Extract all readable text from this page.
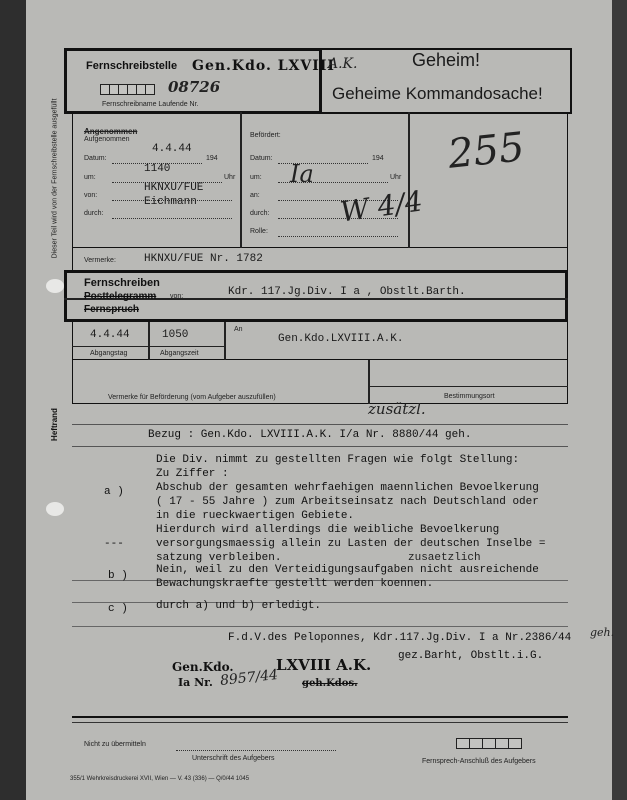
Dieser Teil wird von der Fernschreibstelle ausgefüllt
Heftrand
Fernschreibstelle Gen.Kdo. LXVIII
A.K.	Geheim!
Geheime Kommandosache!
08726
Fernschreibname Laufende Nr.
Angenommen
Aufgenommen
Datum:
4.4.44
194
um:
1140
Uhr
von:
HKNXU/FUE
durch:
Eichmann
Befördert:
Datum:	194
um:	Uhr
an:
durch:
Rolle:
Ia
W 4/4
255
Vermerke:	HKNXU/FUE Nr. 1782
Fernschreiben
Posttelegramm
Fernspruch
von:	Kdr. 117.Jg.Div. I a , Obstlt.Barth.
4.4.44	1050
Abgangstag	Abgangszeit
An
Gen.Kdo.LXVIII.A.K.
Vermerke für Beförderung (vom Aufgeber auszufüllen)	Bestimmungsort
zusätzl.
Bezug : Gen.Kdo. LXVIII.A.K. I/a Nr. 8880/44 geh.
Die Div. nimmt zu gestellten Fragen wie folgt Stellung:
Zu Ziffer :
a )	Abschub der gesamten wehrfaehigen maennlichen Bevoelkerung
( 17 - 55 Jahre ) zum Arbeitseinsatz nach Deutschland oder
in die rueckwaertigen Gebiete.
Hierdurch wird allerdings die weibliche Bevoelkerung
---	versorgungsmaessig allein zu Lasten der deutschen Inselbe =
satzung verbleiben.	zusaetzlich
b )	Nein, weil zu den Verteidigungsaufgaben nicht ausreichende
Bewachungskraefte gestellt werden koennen.
c )	durch a) und b) erledigt.
F.d.V.des Peloponnes, Kdr.117.Jg.Div. I a Nr.2386/44 geh.
gez.Barht, Obstlt.i.G.
Gen.Kdo.	LXVIII A.K.
Ia Nr. 8957/44 geh.Kdos.
Nicht zu übermitteln
Unterschrift des Aufgebers	Fernsprech-Anschluß des Aufgebers
355/1 Wehrkreisdruckerei XVII, Wien — V. 43 (336) — Q/0/44 1045
